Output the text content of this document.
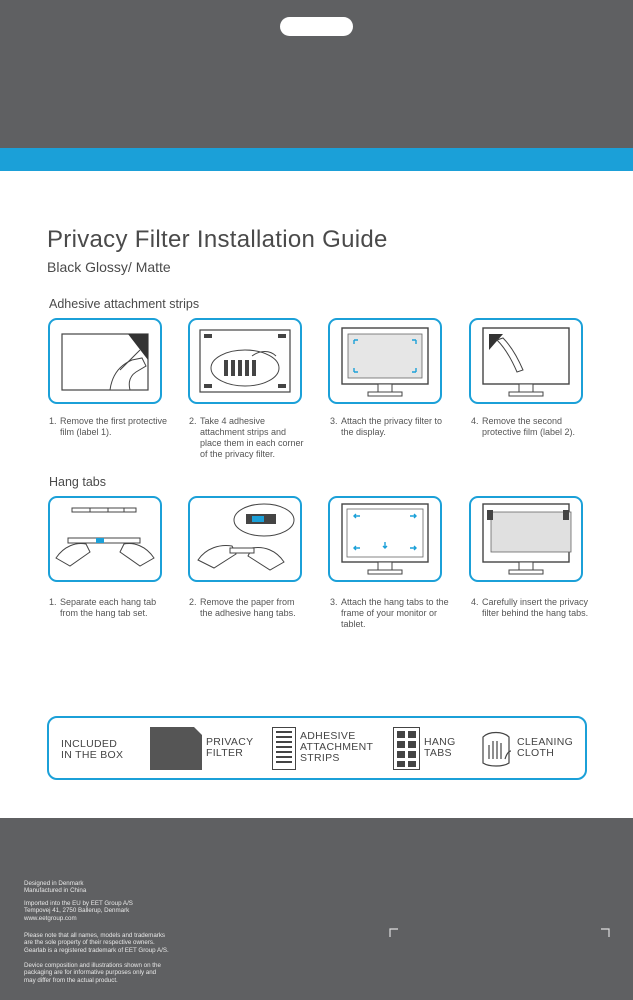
Privacy Filter Installation Guide
Black Glossy/ Matte
Adhesive attachment strips
1. Remove the first protective film (label 1).
2. Take 4 adhesive attachment strips and place them in each corner of the privacy filter.
3. Attach the privacy filter to the display.
4. Remove the second protective film (label 2).
Hang tabs
1. Separate each hang tab from the hang tab set.
2. Remove the paper from the adhesive hang tabs.
3. Attach the hang tabs to the frame of your monitor or tablet.
4. Carefully insert the privacy filter behind the hang tabs.
INCLUDED
IN THE BOX
PRIVACY
FILTER
ADHESIVE
ATTACHMENT
STRIPS
HANG
TABS
CLEANING
CLOTH
Designed in Denmark
Manufactured in China
Imported into the EU by EET Group A/S
Tempovej 41, 2750 Ballerup, Denmark
www.eetgroup.com
Please note that all names, models and trademarks
are the sole property of their respective owners.
Gearlab is a registered trademark of EET Group A/S.
Device composition and illustrations shown on the
packaging are for informative purposes only and
may differ from the actual product.
